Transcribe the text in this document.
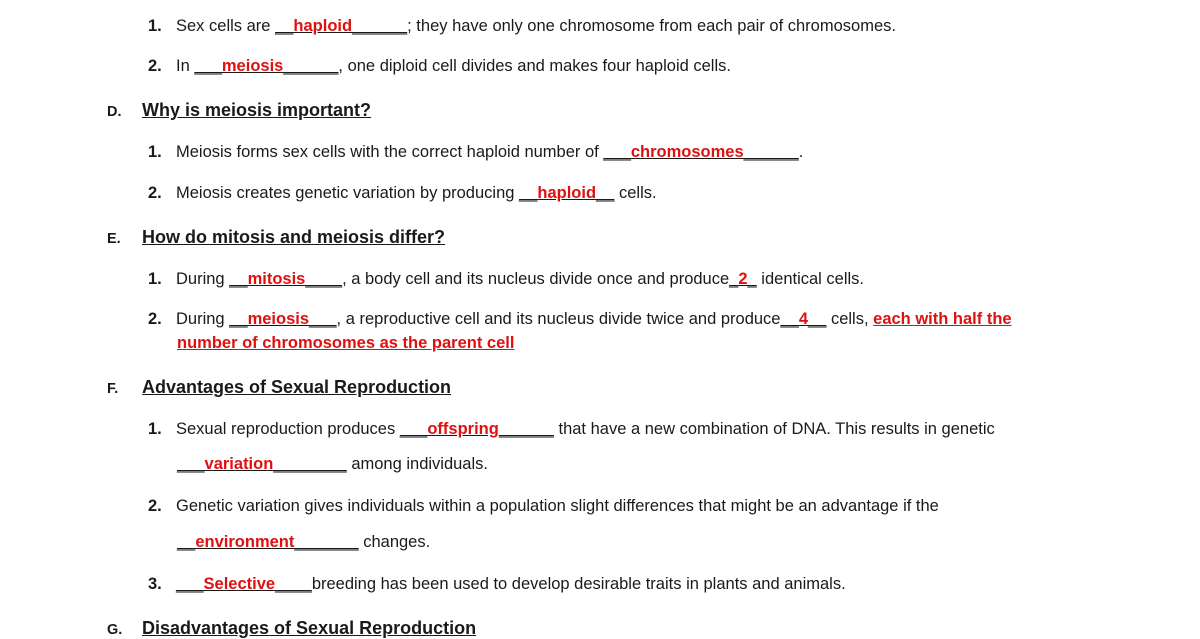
1. Sex cells are __haploid______; they have only one chromosome from each pair of chromosomes.
2. In ___meiosis______, one diploid cell divides and makes four haploid cells.
D. Why is meiosis important?
1. Meiosis forms sex cells with the correct haploid number of ___chromosomes______.
2. Meiosis creates genetic variation by producing __haploid__ cells.
E. How do mitosis and meiosis differ?
1. During __mitosis____, a body cell and its nucleus divide once and produce_2_ identical cells.
2. During __meiosis___, a reproductive cell and its nucleus divide twice and produce__4__ cells, each with half the
number of chromosomes as the parent cell
F. Advantages of Sexual Reproduction
1. Sexual reproduction produces ___offspring______ that have a new combination of DNA. This results in genetic
___variation________ among individuals.
2. Genetic variation gives individuals within a population slight differences that might be an advantage if the
__environment_______ changes.
3. ___Selective____breeding has been used to develop desirable traits in plants and animals.
G. Disadvantages of Sexual Reproduction
